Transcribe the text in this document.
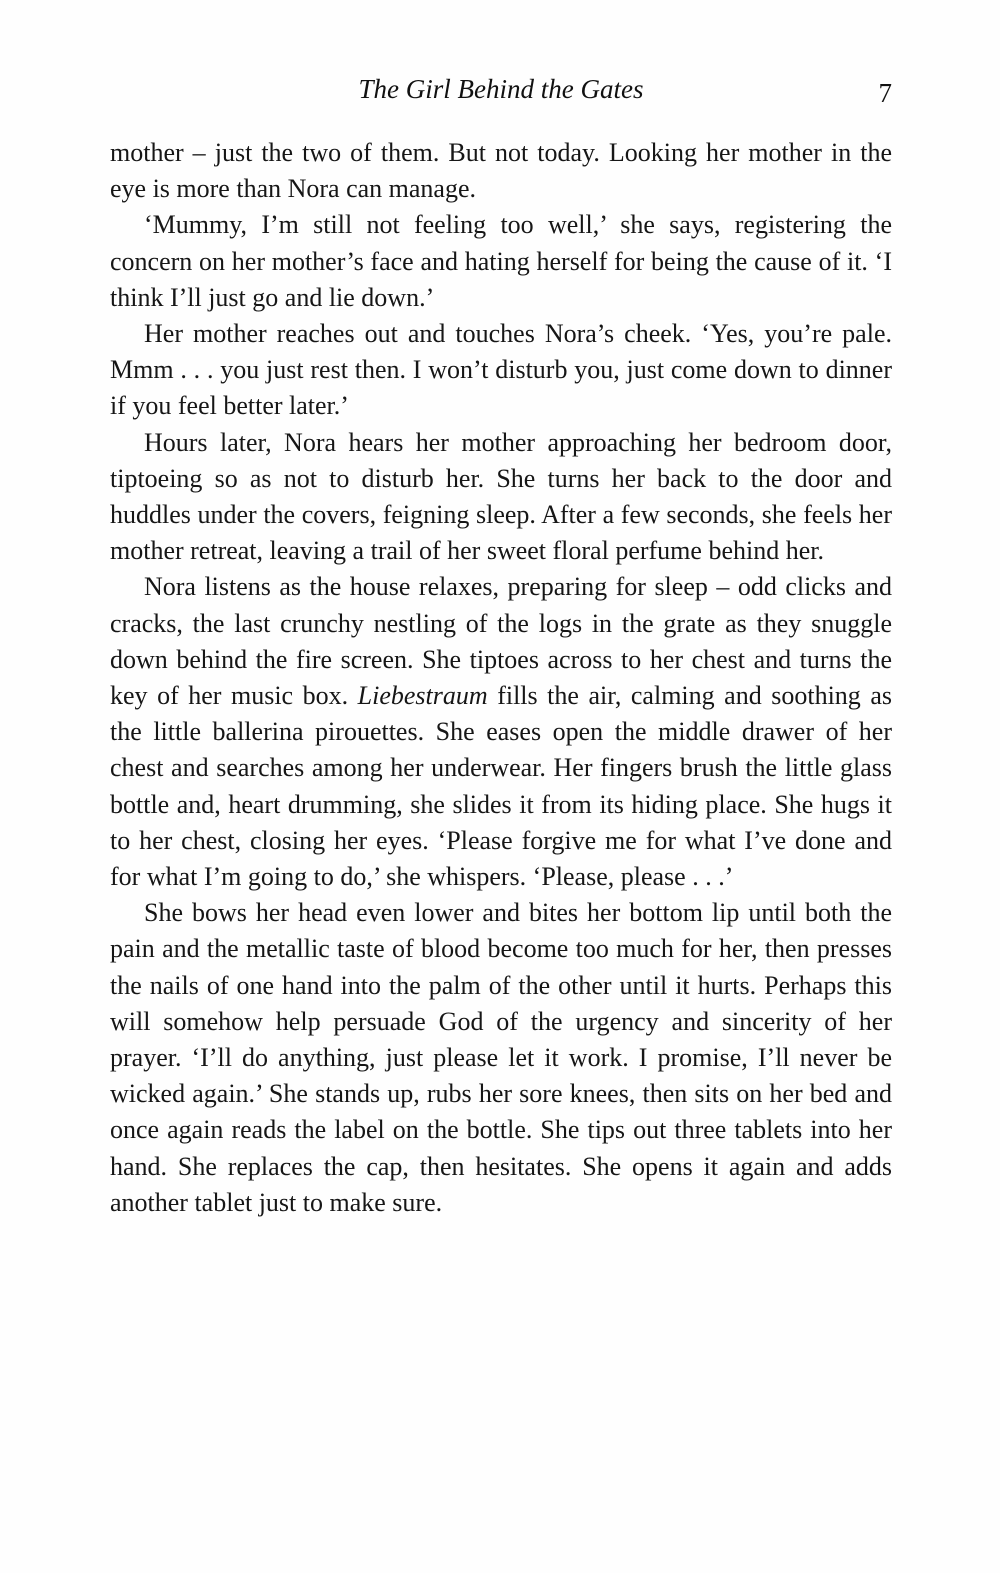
The Girl Behind the Gates	7

mother – just the two of them. But not today. Looking her mother in the eye is more than Nora can manage.

‘Mummy, I’m still not feeling too well,’ she says, registering the concern on her mother’s face and hating herself for being the cause of it. ‘I think I’ll just go and lie down.’

Her mother reaches out and touches Nora’s cheek. ‘Yes, you’re pale. Mmm . . . you just rest then. I won’t disturb you, just come down to dinner if you feel better later.’

Hours later, Nora hears her mother approaching her bedroom door, tiptoeing so as not to disturb her. She turns her back to the door and huddles under the covers, feigning sleep. After a few seconds, she feels her mother retreat, leaving a trail of her sweet floral perfume behind her.

Nora listens as the house relaxes, preparing for sleep – odd clicks and cracks, the last crunchy nestling of the logs in the grate as they snuggle down behind the fire screen. She tiptoes across to her chest and turns the key of her music box. Liebestraum fills the air, calming and soothing as the little ballerina pirouettes. She eases open the middle drawer of her chest and searches among her underwear. Her fingers brush the little glass bottle and, heart drumming, she slides it from its hiding place. She hugs it to her chest, closing her eyes. ‘Please forgive me for what I’ve done and for what I’m going to do,’ she whispers. ‘Please, please . . .’

She bows her head even lower and bites her bottom lip until both the pain and the metallic taste of blood become too much for her, then presses the nails of one hand into the palm of the other until it hurts. Perhaps this will somehow help persuade God of the urgency and sincerity of her prayer. ‘I’ll do anything, just please let it work. I promise, I’ll never be wicked again.’ She stands up, rubs her sore knees, then sits on her bed and once again reads the label on the bottle. She tips out three tablets into her hand. She replaces the cap, then hesitates. She opens it again and adds another tablet just to make sure.
